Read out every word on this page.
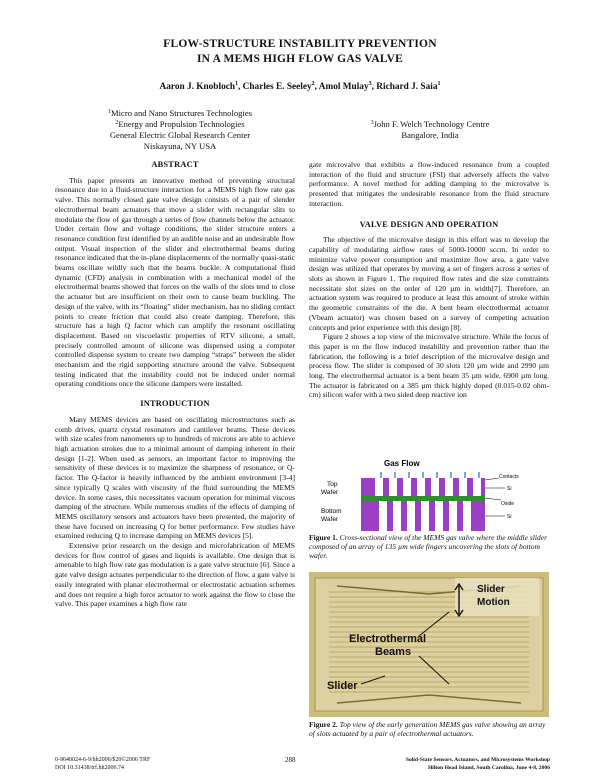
FLOW-STRUCTURE INSTABILITY PREVENTION
IN A MEMS HIGH FLOW GAS VALVE
Aaron J. Knobloch$^1$, Charles E. Seeley$^2$, Amol Mulay$^3$, Richard J. Saia$^1$
$^1$Micro and Nano Structures Technologies
$^2$Energy and Propulsion Technologies
General Electric Global Research Center
Niskayuna, NY USA
$^3$John F. Welch Technology Centre
Bangalore, India
ABSTRACT

This paper presents an innovative method of preventing structural resonance due to a fluid-structure interaction for a MEMS high flow rate gas valve. This normally closed gate valve design consists of a pair of slender electrothermal beam actuators that move a slider with rectangular slits to modulate the flow of gas through a series of flow channels below the actuator. Under certain flow and voltage conditions, the slider structure enters a resonance condition first identified by an audible noise and an undesirable flow output. Visual inspection of the slider and electrothermal beams during resonance indicated that the in-plane displacements of the normally quasi-static beams oscillate wildly such that the beams buckle. A computational fluid dynamic (CFD) analysis in combination with a mechanical model of the electrothermal beams showed that forces on the walls of the slots tend to close the actuator but are insufficient on their own to cause beam buckling. The design of the valve, with its “floating” slider mechanism, has no sliding contact points to create friction that could also create damping. Therefore, this structure has a high Q factor which can amplify the resonant oscillating displacement. Based on viscoelastic properties of RTV silicone, a small, precisely controlled amount of silicone was dispensed using a computer controlled dispense system to create two damping “straps” between the slider mechanism and the rigid supporting structure around the valve. Subsequent testing indicated that the instability could not be induced under normal operating conditions once the silicone dampers were installed.

INTRODUCTION

Many MEMS devices are based on oscillating microstructures such as comb drives, quartz crystal resonators and cantilever beams. These devices with size scales from nanometers up to hundreds of microns are able to achieve high actuation strokes due to a minimal amount of damping inherent in their design [1-2]. When used as sensors, an important factor to improving the sensitivity of these devices is to maximize the sharpness of resonance, or Q-factor. The Q-factor is heavily influenced by the ambient environment [3-4] since typically Q scales with viscosity of the fluid surrounding the MEMS device. In some cases, this necessitates vacuum operation for minimal viscous damping of the structure. While numerous studies of the effects of damping of MEMS oscillatory sensors and actuators have been presented, the majority of these have focused on increasing Q for better performance. Few studies have examined reducing Q to increase damping on MEMS devices [5].

Extensive prior research on the design and microfabrication of MEMS devices for flow control of gases and liquids is available. One design that is amenable to high flow rate gas modulation is a gate valve structure [6]. Since a gate valve design actuates perpendicular to the direction of flow, a gate valve is easily integrated with planar electrothermal or electrostatic actuation schemes and does not require a high force actuator to work against the flow to close the valve. This paper examines a high flow rate

gate microvalve that exhibits a flow-induced resonance from a coupled interaction of the fluid and structure (FSI) that adversely affects the valve performance. A novel method for adding damping to the microvalve is presented that mitigates the undesirable resonance from the fluid structure interaction.

VALVE DESIGN AND OPERATION

The objective of the microvalve design in this effort was to develop the capability of modulating airflow rates of 5000-10000 sccm. In order to minimize valve power consumption and maximize flow area, a gate valve design was utilized that operates by moving a set of fingers across a series of slots as shown in Figure 1. The required flow rates and die size constraints necessitate slot sizes on the order of 120 µm in width[7]. Therefore, an actuation system was required to produce at least this amount of stroke within the geometric constraints of the die. A bent beam electrothermal actuator (Vbeam actuator) was chosen based on a survey of competing actuation concepts and prior experience with this design [8].

Figure 2 shows a top view of the microvalve structure. While the focus of this paper is on the flow induced instability and prevention rather than the fabrication, the following is a brief description of the microvalve design and process flow. The slider is composed of 30 slots 120 µm wide and 2990 µm long. The electrothermal actuator is a bent beam 35 µm wide, 6900 µm long. The actuator is fabricated on a 385 µm thick highly doped (0.015-0.02 ohm-cm) silicon wafer with a two sided deep reactive ion

Gas Flow
Top
Wafer
Bottom
Wafer
Contacts
Si
Oxide
Si
Figure 1. Cross-sectional view of the MEMS gas valve where the middle slider composed of an array of 135 µm wide fingers uncovering the slots of bottom wafer.
Slider
Motion
Electrothermal
Beams
Slider
Figure 2. Top view of the early generation MEMS gas valve showing an array of slots actuated by a pair of electrothermal actuators.
0-9640024-6-9/hh2006/$20©2006 TRF
DOI 10.31438/trf.hh2006.74
288	Solid-State Sensors, Actuators, and Microsystems Workshop
Hilton Head Island, South Carolina, June 4-8, 2006
